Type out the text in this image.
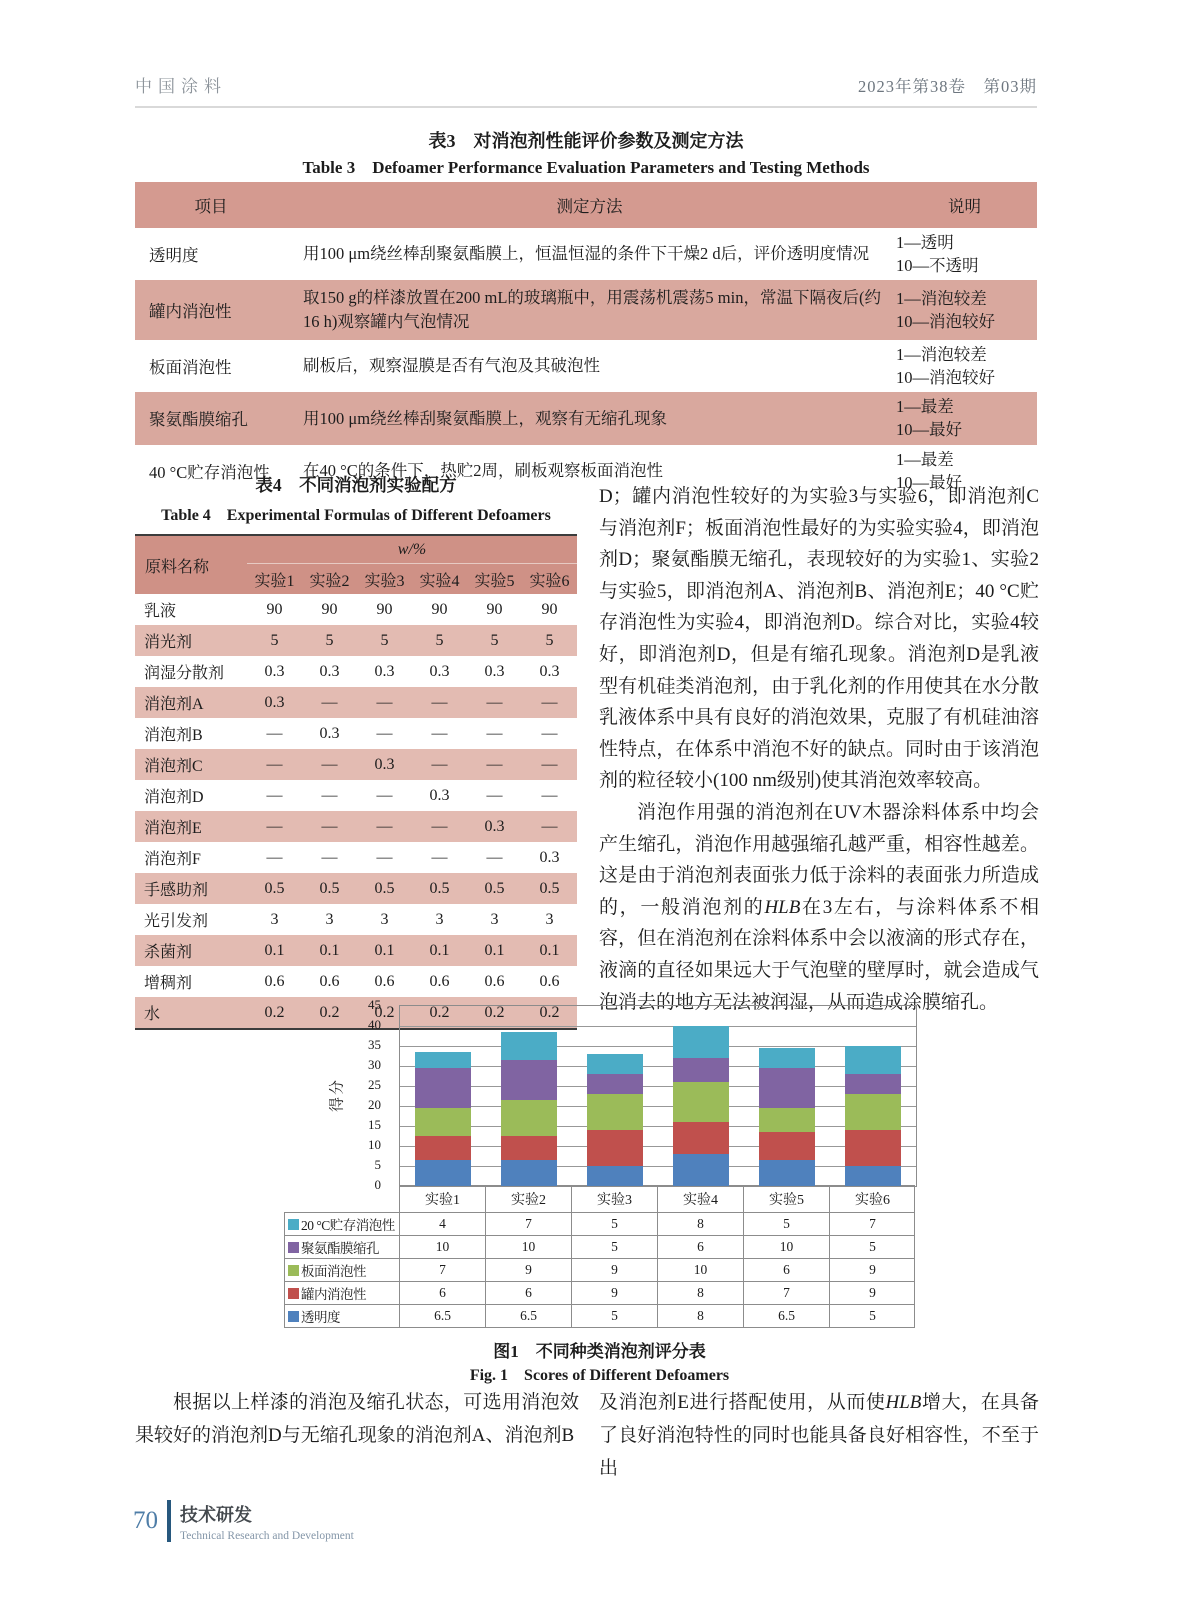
中国涂料	2023年第38卷　第03期
表3　对消泡剂性能评价参数及测定方法
Table 3　Defoamer Performance Evaluation Parameters and Testing Methods
项目	测定方法	说明
透明度	用100 μm绕丝棒刮聚氨酯膜上，恒温恒湿的条件下干燥2 d后，评价透明度情况	1—透明
10—不透明

罐内消泡性	取150 g的样漆放置在200 mL的玻璃瓶中，用震荡机震荡5 min，常温下隔夜后(约16 h)观察罐内气泡情况	1—消泡较差
10—消泡较好

板面消泡性	刷板后，观察湿膜是否有气泡及其破泡性	1—消泡较差
10—消泡较好

聚氨酯膜缩孔	用100 μm绕丝棒刮聚氨酯膜上，观察有无缩孔现象	1—最差
10—最好

40 °C贮存消泡性	在40 °C的条件下，热贮2周，刷板观察板面消泡性	1—最差
10—最好
表4　不同消泡剂实验配方
Table 4　Experimental Formulas of Different Defoamers
原料名称	w/%					
	实验1	实验2	实验3	实验4	实验5	实验6
乳液	90	90	90	90	90	90
消光剂	5	5	5	5	5	5
润湿分散剂	0.3	0.3	0.3	0.3	0.3	0.3
消泡剂A	0.3	—	—	—	—	—
消泡剂B	—	0.3	—	—	—	—
消泡剂C	—	—	0.3	—	—	—
消泡剂D	—	—	—	0.3	—	—
消泡剂E	—	—	—	—	0.3	—
消泡剂F	—	—	—	—	—	0.3
手感助剂	0.5	0.5	0.5	0.5	0.5	0.5
光引发剂	3	3	3	3	3	3
杀菌剂	0.1	0.1	0.1	0.1	0.1	0.1
增稠剂	0.6	0.6	0.6	0.6	0.6	0.6
水	0.2	0.2	0.2	0.2	0.2	0.2

D；罐内消泡性较好的为实验3与实验6，即消泡剂C与消泡剂F；板面消泡性最好的为实验实验4，即消泡剂D；聚氨酯膜无缩孔，表现较好的为实验1、实验2与实验5，即消泡剂A、消泡剂B、消泡剂E；40 °C贮存消泡性为实验4，即消泡剂D。综合对比，实验4较好，即消泡剂D，但是有缩孔现象。消泡剂D是乳液型有机硅类消泡剂，由于乳化剂的作用使其在水分散乳液体系中具有良好的消泡效果，克服了有机硅油溶性特点，在体系中消泡不好的缺点。同时由于该消泡剂的粒径较小(100 nm级别)使其消泡效率较高。

消泡作用强的消泡剂在UV木器涂料体系中均会产生缩孔，消泡作用越强缩孔越严重，相容性越差。这是由于消泡剂表面张力低于涂料的表面张力所造成的，一般消泡剂的HLB在3左右，与涂料体系不相容，但在消泡剂在涂料体系中会以液滴的形式存在，液滴的直径如果远大于气泡壁的壁厚时，就会造成气泡消去的地方无法被润湿，从而造成涂膜缩孔。

得分
0
5
10
15
20
25
30
35
40
45
实验1	实验2	实验3	实验4	实验5	实验6
20 °C贮存消泡性	4	7	5	8	5	7
聚氨酯膜缩孔	10	10	5	6	10	5
板面消泡性	7	9	9	10	6	9
罐内消泡性	6	6	9	8	7	9
透明度	6.5	6.5	5	8	6.5	5
图1　不同种类消泡剂评分表
Fig. 1　Scores of Different Defoamers

根据以上样漆的消泡及缩孔状态，可选用消泡效果较好的消泡剂D与无缩孔现象的消泡剂A、消泡剂B

及消泡剂E进行搭配使用，从而使HLB增大，在具备了良好消泡特性的同时也能具备良好相容性，不至于出

70 技术研发
Technical Research and Development
